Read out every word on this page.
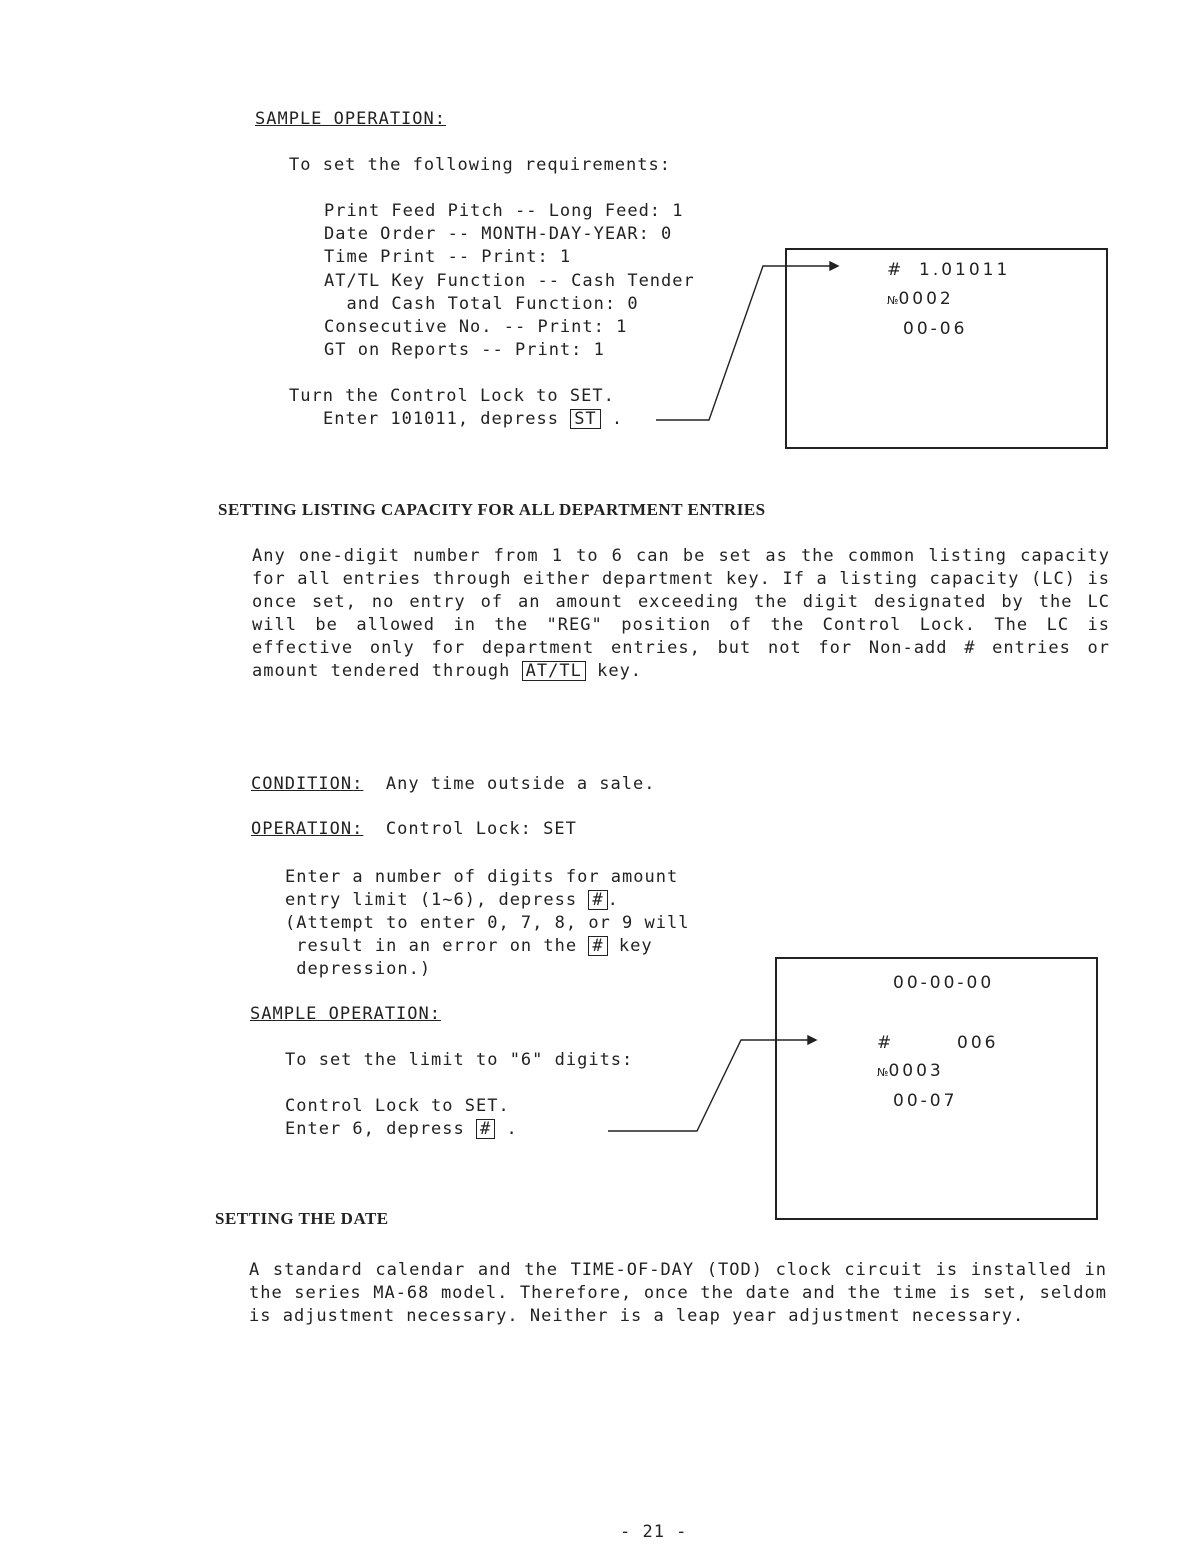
SAMPLE OPERATION:
To set the following requirements:
Print Feed Pitch -- Long Feed: 1
Date Order -- MONTH-DAY-YEAR: 0
Time Print -- Print: 1
AT/TL Key Function -- Cash Tender
and Cash Total Function: 0
Consecutive No. -- Print: 1
GT on Reports -- Print: 1
Turn the Control Lock to SET.
Enter 101011, depress ST .
# 1.01011
№0002
00-06
SETTING LISTING CAPACITY FOR ALL DEPARTMENT ENTRIES
Any one-digit number from 1 to 6 can be set as the common listing capacity for all entries through either department key. If a listing capacity (LC) is once set, no entry of an amount exceeding the digit designated by the LC will be allowed in the "REG" position of the Control Lock. The LC is effective only for department entries, but not for Non-add # entries or amount tendered through AT/TL key.
CONDITION: Any time outside a sale.
OPERATION: Control Lock: SET
Enter a number of digits for amount
entry limit (1~6), depress # .
(Attempt to enter 0, 7, 8, or 9 will
result in an error on the # key
depression.)
SAMPLE OPERATION:
To set the limit to "6" digits:
Control Lock to SET.
Enter 6, depress # .
00-00-00
#	006
№0003
00-07
SETTING THE DATE
A standard calendar and the TIME-OF-DAY (TOD) clock circuit is installed in the series MA-68 model. Therefore, once the date and the time is set, seldom is adjustment necessary. Neither is a leap year adjustment necessary.
- 21 -
